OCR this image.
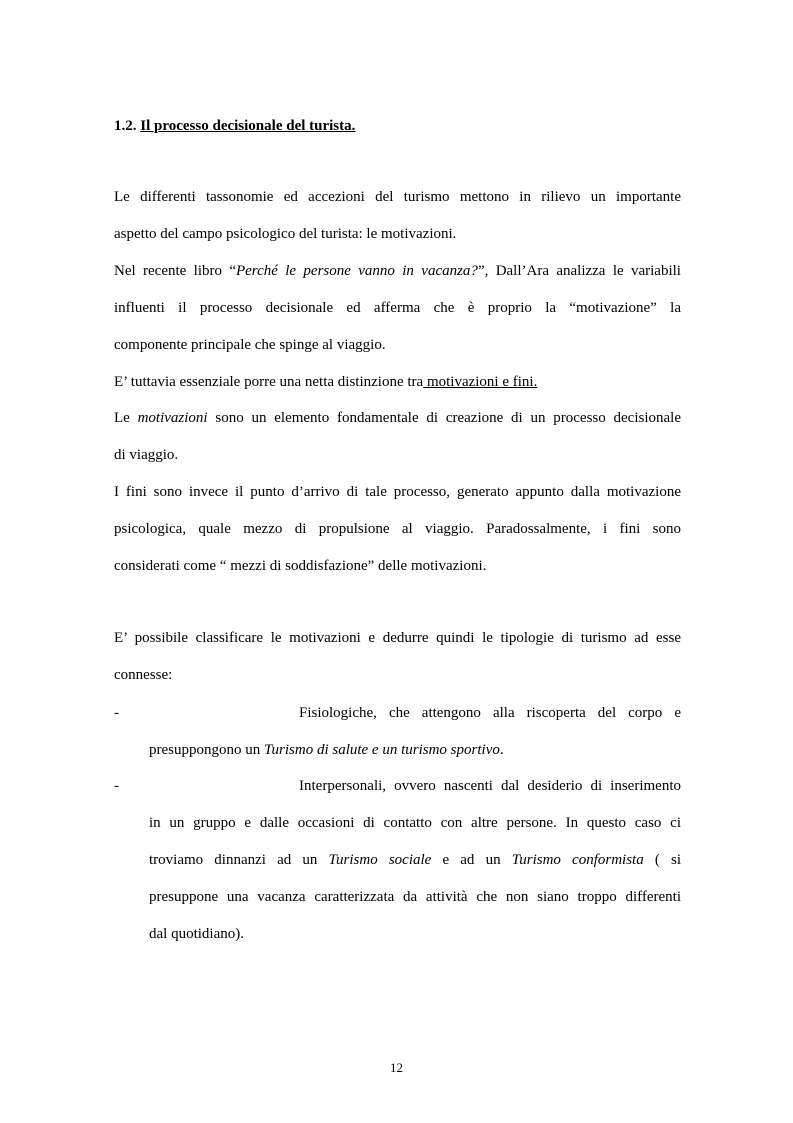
1.2. Il processo decisionale del turista.
Le differenti tassonomie ed accezioni del turismo mettono in rilievo un importante
aspetto del campo psicologico del turista: le motivazioni.
Nel recente libro “Perché le persone vanno in vacanza?”, Dall’Ara analizza le variabili
influenti il processo decisionale ed afferma che è proprio la “motivazione” la
componente principale che spinge al viaggio.
E’ tuttavia essenziale porre una netta distinzione tra motivazioni e fini.
Le motivazioni sono un elemento fondamentale di creazione di un processo decisionale
di viaggio.
I fini sono invece il punto d’arrivo di tale processo, generato appunto dalla motivazione
psicologica, quale mezzo di propulsione al viaggio. Paradossalmente, i fini sono
considerati come “ mezzi di soddisfazione” delle motivazioni.
E’ possibile classificare le motivazioni e dedurre quindi le tipologie di turismo ad esse
connesse:
-	Fisiologiche, che attengono alla riscoperta del corpo e
presuppongono un Turismo di salute e un turismo sportivo.
-	Interpersonali, ovvero nascenti dal desiderio di inserimento
in un gruppo e dalle occasioni di contatto con altre persone. In questo caso ci
troviamo dinnanzi ad un Turismo sociale e ad un Turismo conformista ( si
presuppone una vacanza caratterizzata da attività che non siano troppo differenti
dal quotidiano).
12
